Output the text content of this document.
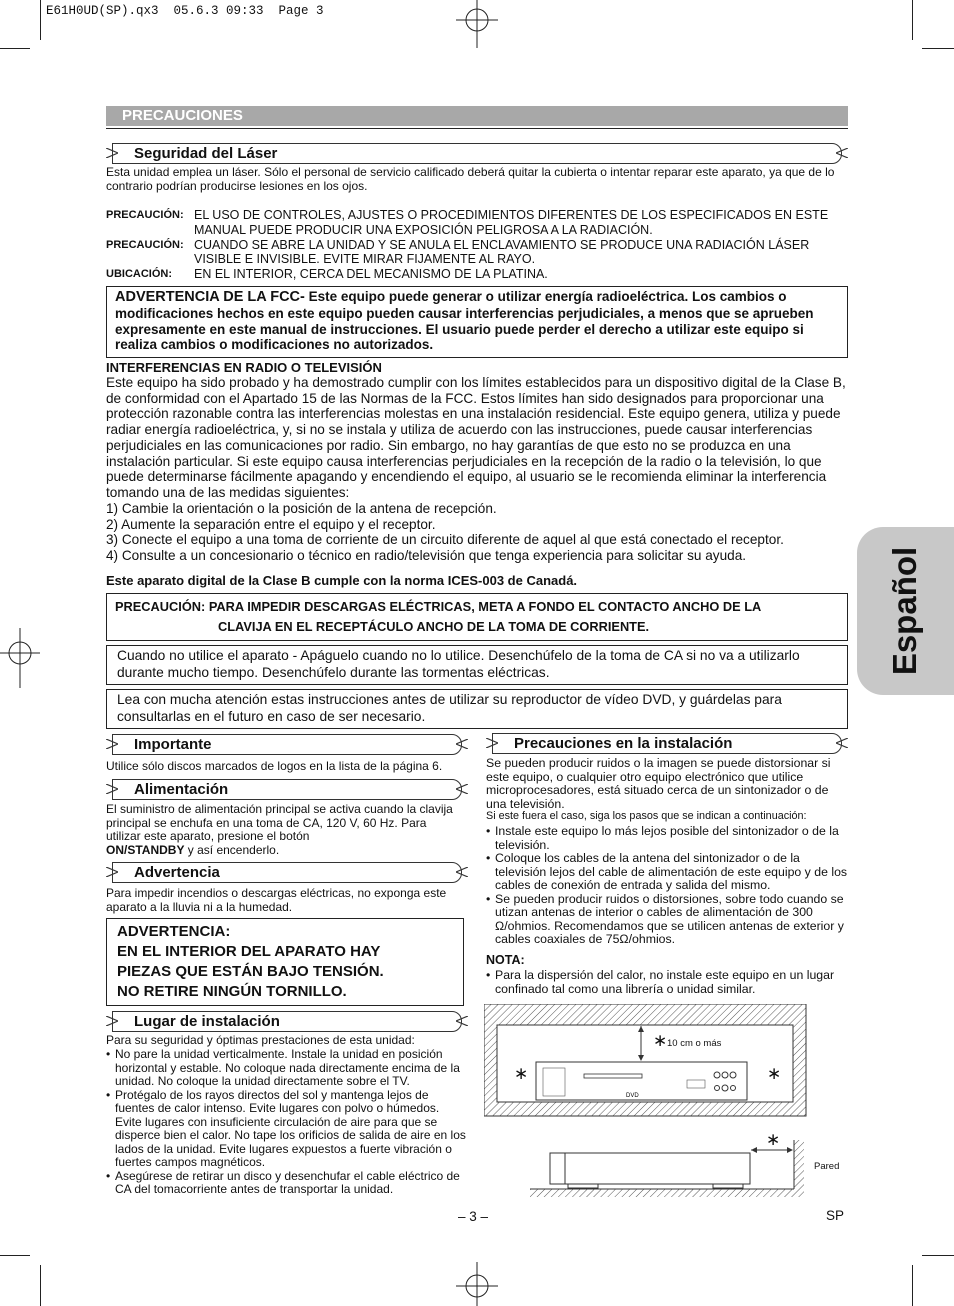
E61H0UD(SP).qx3  05.6.3 09:33  Page 3
Español
PRECAUCIONES
Seguridad del Láser
Esta unidad emplea un láser. Sólo el personal de servicio calificado deberá quitar la cubierta o intentar reparar este aparato, ya que de lo contrario podrían producirse lesiones en los ojos.
PRECAUCIÓN: EL USO DE CONTROLES, AJUSTES O PROCEDIMIENTOS DIFERENTES DE LOS ESPECIFICADOS EN ESTE MANUAL PUEDE PRODUCIR UNA EXPOSICIÓN PELIGROSA A LA RADIACIÓN.
PRECAUCIÓN: CUANDO SE ABRE LA UNIDAD Y SE ANULA EL ENCLAVAMIENTO SE PRODUCE UNA RADIACIÓN LÁSER VISIBLE E INVISIBLE. EVITE MIRAR FIJAMENTE AL RAYO.
UBICACIÓN:	EN EL INTERIOR, CERCA DEL MECANISMO DE LA PLATINA.
ADVERTENCIA DE LA FCC- Este equipo puede generar o utilizar energía radioeléctrica. Los cambios o modificaciones hechos en este equipo pueden causar interferencias perjudiciales, a menos que se aprueben expresamente en este manual de instrucciones. El usuario puede perder el derecho a utilizar este equipo si realiza cambios o modificaciones no autorizados.
INTERFERENCIAS EN RADIO O TELEVISIÓN
Este equipo ha sido probado y ha demostrado cumplir con los límites establecidos para un dispositivo digital de la Clase B, de conformidad con el Apartado 15 de las Normas de la FCC. Estos límites han sido designados para proporcionar una protección razonable contra las interferencias molestas en una instalación residencial. Este equipo genera, utiliza y puede radiar energía radioeléctrica, y, si no se instala y utiliza de acuerdo con las instrucciones, puede causar interferencias perjudiciales en las comunicaciones por radio. Sin embargo, no hay garantías de que esto no se produzca en una instalación particular. Si este equipo causa interferencias perjudiciales en la recepción de la radio o la televisión, lo que puede determinarse fácilmente apagando y encendiendo el equipo, al usuario se le recomienda eliminar la interferencia tomando una de las medidas siguientes:
1) Cambie la orientación o la posición de la antena de recepción.
2) Aumente la separación entre el equipo y el receptor.
3) Conecte el equipo a una toma de corriente de un circuito diferente de aquel al que está conectado el receptor.
4) Consulte a un concesionario o técnico en radio/televisión que tenga experiencia para solicitar su ayuda.
Este aparato digital de la Clase B cumple con la norma ICES-003 de Canadá.
PRECAUCIÓN: PARA IMPEDIR DESCARGAS ELÉCTRICAS, META A FONDO EL CONTACTO ANCHO DE LA
CLAVIJA EN EL RECEPTÁCULO ANCHO DE LA TOMA DE CORRIENTE.
Cuando no utilice el aparato - Apáguelo cuando no lo utilice. Desenchúfelo de la toma de CA si no va a utilizarlo durante mucho tiempo. Desenchúfelo durante las tormentas eléctricas.
Lea con mucha atención estas instrucciones antes de utilizar su reproductor de vídeo DVD, y guárdelas para consultarlas en el futuro en caso de ser necesario.
Importante
Utilice sólo discos marcados de logos en la lista de la página 6.
Alimentación
El suministro de alimentación principal se activa cuando la clavija principal se enchufa en una toma de CA, 120 V, 60 Hz. Para utilizar este aparato, presione el botón
ON/STANDBY y así encenderlo.
Advertencia
Para impedir incendios o descargas eléctricas, no exponga este aparato a la lluvia ni a la humedad.
ADVERTENCIA:
EN EL INTERIOR DEL APARATO HAY
PIEZAS QUE ESTÁN BAJO TENSIÓN.
NO RETIRE NINGÚN TORNILLO.
Lugar de instalación
Para su seguridad y óptimas prestaciones de esta unidad:
• No pare la unidad verticalmente. Instale la unidad en posición horizontal y estable. No coloque nada directamente encima de la unidad. No coloque la unidad directamente sobre el TV.
• Protégalo de los rayos directos del sol y mantenga lejos de fuentes de calor intenso. Evite lugares con polvo o húmedos. Evite lugares con insuficiente circulación de aire para que se disperce bien el calor. No tape los orificios de salida de aire en los lados de la unidad. Evite lugares expuestos a fuerte vibración o fuertes campos magnéticos.
• Asegúrese de retirar un disco y desenchufar el cable eléctrico de CA del tomacorriente antes de transportar la unidad.
Precauciones en la instalación
Se pueden producir ruidos o la imagen se puede distorsionar si este equipo, o cualquier otro equipo electrónico que utilice microprocesadores, está situado cerca de un sintonizador o de una televisión.
Si este fuera el caso, siga los pasos que se indican a continuación:
• Instale este equipo lo más lejos posible del sintonizador o de la televisión.
• Coloque los cables de la antena del sintonizador o de la televisión lejos del cable de alimentación de este equipo y de los cables de conexión de entrada y salida del mismo.
• Se pueden producir ruidos o distorsiones, sobre todo cuando se utizan antenas de interior o cables de alimentación de 300 Ω/ohmios. Recomendamos que se utilicen antenas de exterior y cables coaxiales de 75Ω/ohmios.
NOTA:
• Para la dispersión del calor, no instale este equipo en un lugar confinado tal como una librería o unidad similar.
DVD
∗ 10 cm o más
∗	∗
∗
Pared
– 3 –	SP
